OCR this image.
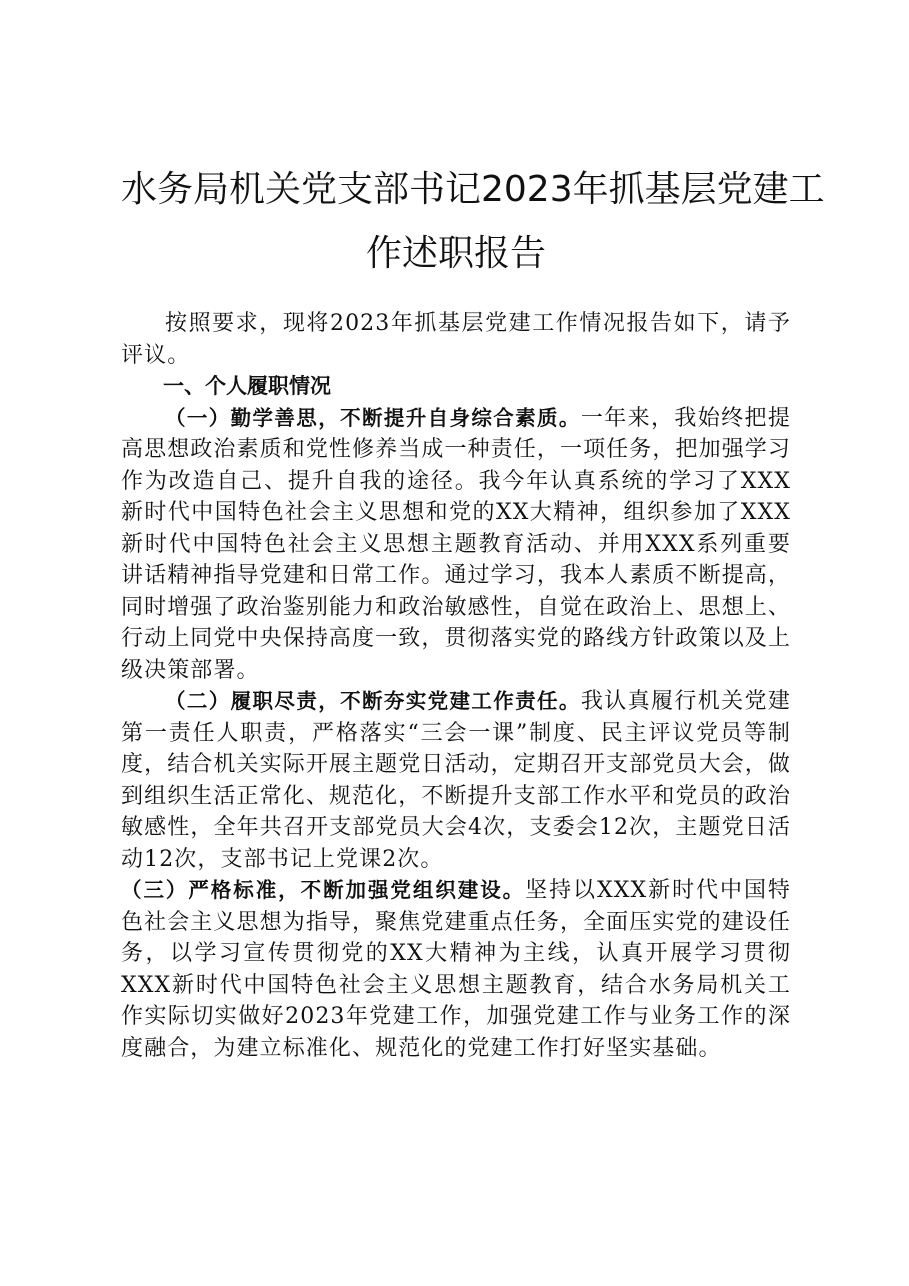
水务局机关党支部书记2023年抓基层党建工
作述职报告

按照要求，现将2023年抓基层党建工作情况报告如下，请予评议。

一、个人履职情况

（一）勤学善思，不断提升自身综合素质。一年来，我始终把提高思想政治素质和党性修养当成一种责任，一项任务，把加强学习作为改造自己、提升自我的途径。我今年认真系统的学习了XXX新时代中国特色社会主义思想和党的XX大精神，组织参加了XXX新时代中国特色社会主义思想主题教育活动、并用XXX系列重要讲话精神指导党建和日常工作。通过学习，我本人素质不断提高，同时增强了政治鉴别能力和政治敏感性，自觉在政治上、思想上、行动上同党中央保持高度一致，贯彻落实党的路线方针政策以及上级决策部署。

（二）履职尽责，不断夯实党建工作责任。我认真履行机关党建第一责任人职责，严格落实“三会一课”制度、民主评议党员等制度，结合机关实际开展主题党日活动，定期召开支部党员大会，做到组织生活正常化、规范化，不断提升支部工作水平和党员的政治敏感性，全年共召开支部党员大会4次，支委会12次，主题党日活动12次，支部书记上党课2次。

（三）严格标准，不断加强党组织建设。坚持以XXX新时代中国特色社会主义思想为指导，聚焦党建重点任务，全面压实党的建设任务，以学习宣传贯彻党的XX大精神为主线，认真开展学习贯彻XXX新时代中国特色社会主义思想主题教育，结合水务局机关工作实际切实做好2023年党建工作，加强党建工作与业务工作的深度融合，为建立标准化、规范化的党建工作打好坚实基础。
